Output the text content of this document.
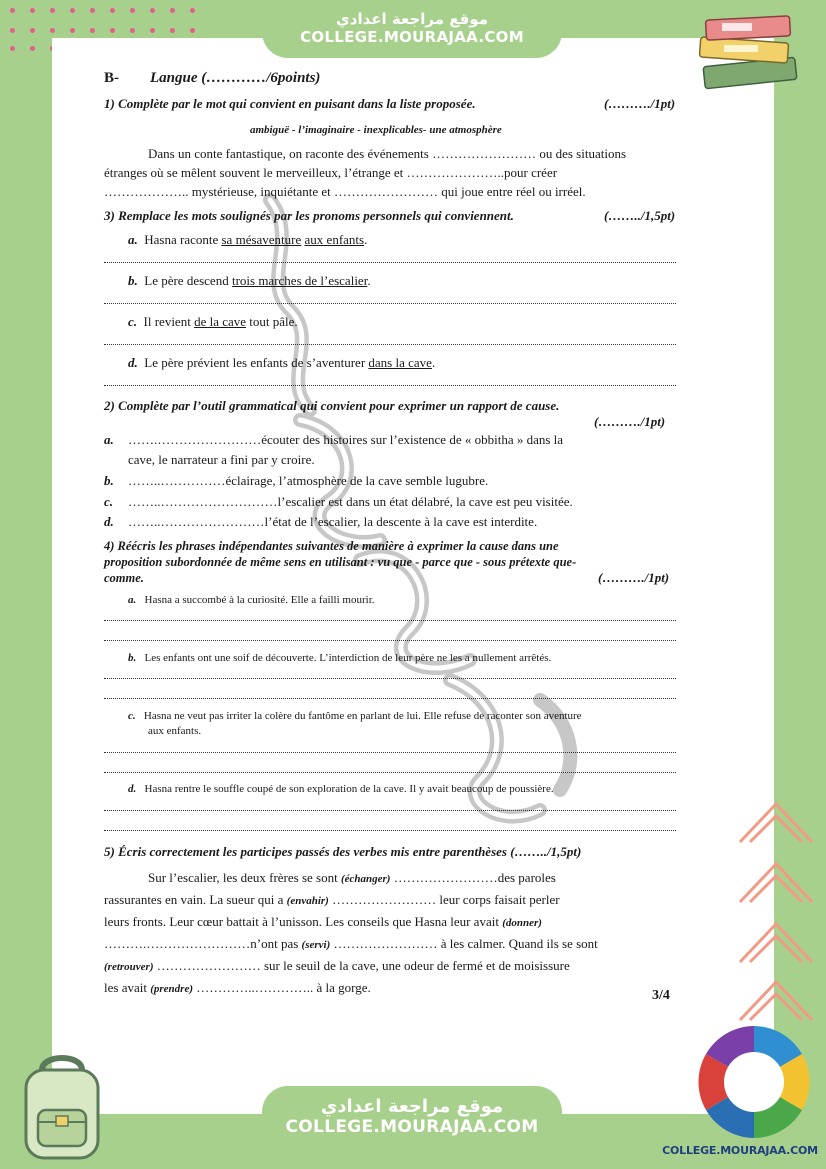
موقع مراجعة اعدادي
COLLEGE.MOURAJAA.COM
B- Langue (…………/6points)
1) Complète par le mot qui convient en puisant dans la liste proposée.	(………./1pt)
ambiguë - l’imaginaire - inexplicables- une atmosphère
Dans un conte fantastique, on raconte des événements …………………… ou des situations
étranges où se mêlent souvent le merveilleux, l’étrange et …………………..pour créer
……………….. mystérieuse, inquiétante et …………………… qui joue entre réel ou irréel.
3) Remplace les mots soulignés par les pronoms personnels qui conviennent.	(……../1,5pt)
a. Hasna raconte sa mésaventure aux enfants.
b. Le père descend trois marches de l’escalier.
c. Il revient de la cave tout pâle.
d. Le père prévient les enfants de s’aventurer dans la cave.
2) Complète par l’outil grammatical qui convient pour exprimer un rapport de cause.
(………./1pt)
a. …….……………………écouter des histoires sur l’existence de « obbitha » dans la
cave, le narrateur a fini par y croire.
b. ……..……………éclairage, l’atmosphère de la cave semble lugubre.
c. ……..………………………l’escalier est dans un état délabré, la cave est peu visitée.
d. ……..……………………l’état de l’escalier, la descente à la cave est interdite.
4) Réécris les phrases indépendantes suivantes de manière à exprimer la cause dans une
proposition subordonnée de même sens en utilisant : vu que - parce que - sous prétexte que-
comme.	(………./1pt)
a. Hasna a succombé à la curiosité. Elle a failli mourir.
b. Les enfants ont une soif de découverte. L’interdiction de leur père ne les a nullement arrêtés.
c. Hasna ne veut pas irriter la colère du fantôme en parlant de lui. Elle refuse de raconter son aventure
aux enfants.
d. Hasna rentre le souffle coupé de son exploration de la cave. Il y avait beaucoup de poussière.
5) Écris correctement les participes passés des verbes mis entre parenthèses (……../1,5pt)
Sur l’escalier, les deux frères se sont (échanger) ……………………des paroles
rassurantes en vain. La sueur qui a (envahir) …………………… leur corps faisait perler
leurs fronts. Leur cœur battait à l’unisson. Les conseils que Hasna leur avait (donner)
……….……………………n’ont pas (servi) …………………… à les calmer. Quand ils se sont
(retrouver) …………………… sur le seuil de la cave, une odeur de fermé et de moisissure
les avait (prendre) …………..………….. à la gorge.
3/4
موقع مراجعة اعدادي
COLLEGE.MOURAJAA.COM
COLLEGE.MOURAJAA.COM
